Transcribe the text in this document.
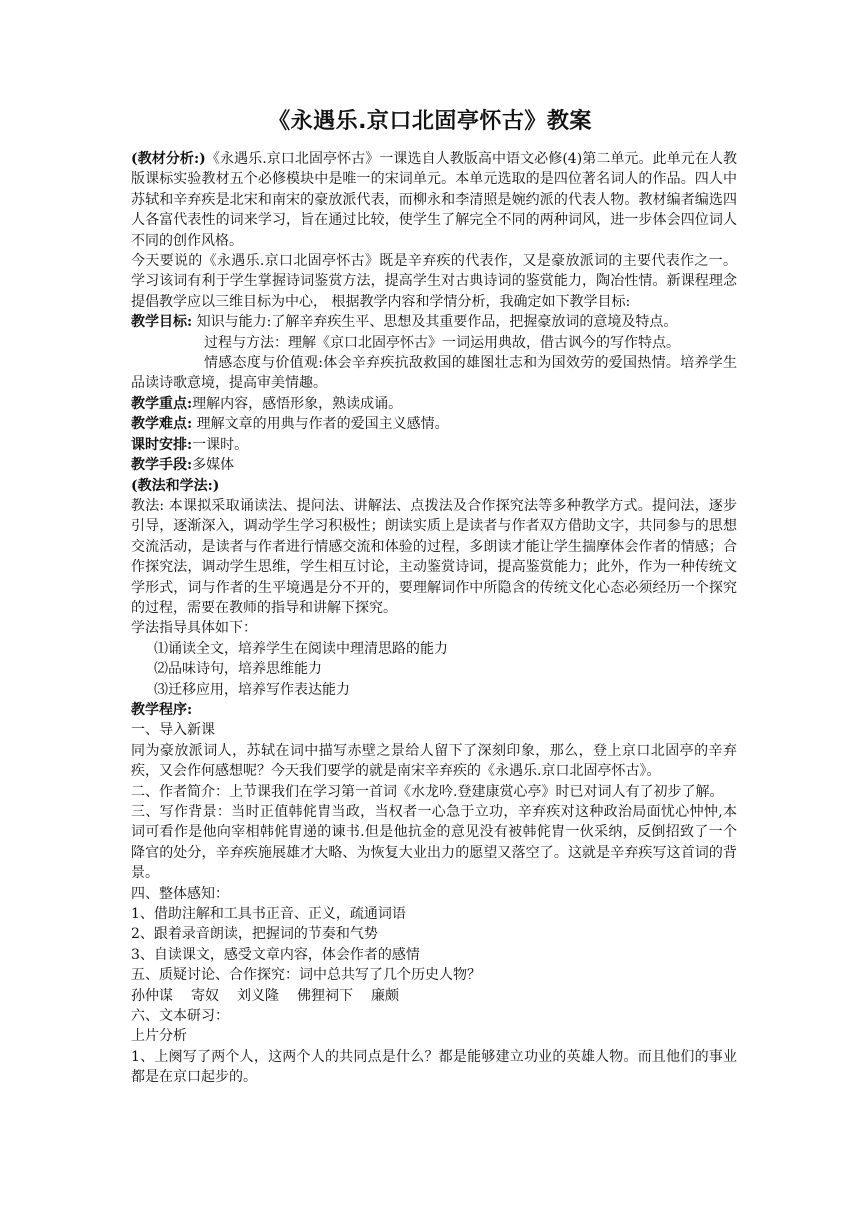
《永遇乐.京口北固亭怀古》教案

(教材分析:)《永遇乐.京口北固亭怀古》一课选自人教版高中语文必修(4)第二单元。此单元在人教版课标实验教材五个必修模块中是唯一的宋词单元。本单元选取的是四位著名词人的作品。四人中苏轼和辛弃疾是北宋和南宋的豪放派代表，而柳永和李清照是婉约派的代表人物。教材编者编选四人各富代表性的词来学习，旨在通过比较，使学生了解完全不同的两种词风，进一步体会四位词人不同的创作风格。

今天要说的《永遇乐.京口北固亭怀古》既是辛弃疾的代表作，又是豪放派词的主要代表作之一。学习该词有利于学生掌握诗词鉴赏方法，提高学生对古典诗词的鉴赏能力，陶冶性情。新课程理念提倡教学应以三维目标为中心， 根据教学内容和学情分析，我确定如下教学目标:

教学目标: 知识与能力:了解辛弃疾生平、思想及其重要作品，把握豪放词的意境及特点。

过程与方法：理解《京口北固亭怀古》一词运用典故，借古讽今的写作特点。

情感态度与价值观:体会辛弃疾抗敌救国的雄图壮志和为国效劳的爱国热情。培养学生品读诗歌意境，提高审美情趣。

教学重点:理解内容，感悟形象，熟读成诵。

教学难点: 理解文章的用典与作者的爱国主义感情。

课时安排:一课时。

教学手段:多媒体

(教法和学法:)

教法: 本课拟采取诵读法、提问法、讲解法、点拨法及合作探究法等多种教学方式。提问法，逐步引导，逐渐深入，调动学生学习积极性；朗读实质上是读者与作者双方借助文字，共同参与的思想交流活动，是读者与作者进行情感交流和体验的过程，多朗读才能让学生揣摩体会作者的情感；合作探究法，调动学生思维，学生相互讨论，主动鉴赏诗词，提高鉴赏能力；此外，作为一种传统文学形式，词与作者的生平境遇是分不开的，要理解词作中所隐含的传统文化心态必须经历一个探究的过程，需要在教师的指导和讲解下探究。

学法指导具体如下：

⑴诵读全文，培养学生在阅读中理清思路的能力

⑵品味诗句，培养思维能力

⑶迁移应用，培养写作表达能力

教学程序:

一、导入新课

同为豪放派词人，苏轼在词中描写赤壁之景给人留下了深刻印象，那么，登上京口北固亭的辛弃疾，又会作何感想呢？今天我们要学的就是南宋辛弃疾的《永遇乐.京口北固亭怀古》。

二、作者简介：上节课我们在学习第一首词《水龙吟.登建康赏心亭》时已对词人有了初步了解。

三、写作背景：当时正值韩侂胄当政，当权者一心急于立功，辛弃疾对这种政治局面忧心忡忡,本词可看作是他向宰相韩侂胄递的谏书.但是他抗金的意见没有被韩侂胄一伙采纳，反倒招致了一个降官的处分，辛弃疾施展雄才大略、为恢复大业出力的愿望又落空了。这就是辛弃疾写这首词的背景。

四、整体感知：

1、借助注解和工具书正音、正义，疏通词语

2、跟着录音朗读，把握词的节奏和气势

3、自读课文，感受文章内容，体会作者的感情

五、质疑讨论、合作探究：词中总共写了几个历史人物？

孙仲谋 寄奴 刘义隆 佛狸祠下 廉颇

六、文本研习：

上片分析

1、上阕写了两个人，这两个人的共同点是什么？都是能够建立功业的英雄人物。而且他们的事业都是在京口起步的。
